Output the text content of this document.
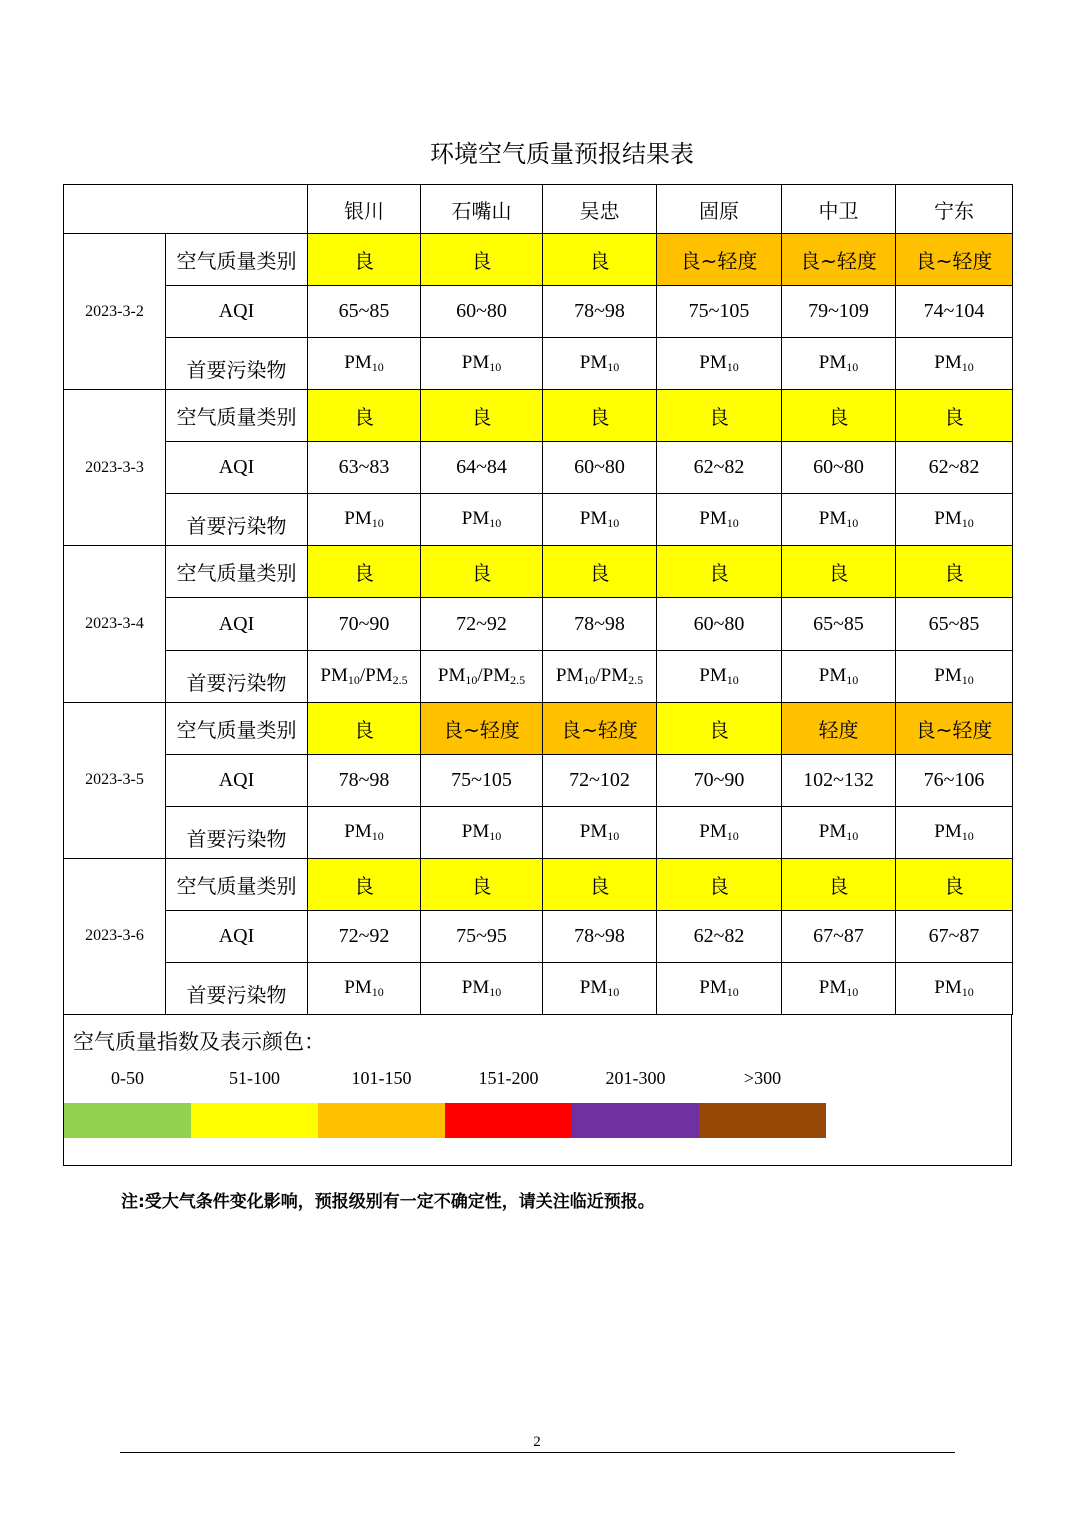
环境空气质量预报结果表
		银川	石嘴山	吴忠	固原	中卫	宁东
2023-3-2	空气质量类别	良	良	良	良~轻度	良~轻度	良~轻度
	AQI	65~85	60~80	78~98	75~105	79~109	74~104
	首要污染物	$PM_{10}$	$PM_{10}$	$PM_{10}$	$PM_{10}$	$PM_{10}$	$PM_{10}$
2023-3-3	空气质量类别	良	良	良	良	良	良
	AQI	63~83	64~84	60~80	62~82	60~80	62~82
	首要污染物	$PM_{10}$	$PM_{10}$	$PM_{10}$	$PM_{10}$	$PM_{10}$	$PM_{10}$
2023-3-4	空气质量类别	良	良	良	良	良	良
	AQI	70~90	72~92	78~98	60~80	65~85	65~85
	首要污染物	$PM_{10}/PM_{2.5}$	$PM_{10}/PM_{2.5}$	$PM_{10}/PM_{2.5}$	$PM_{10}$	$PM_{10}$	$PM_{10}$
2023-3-5	空气质量类别	良	良~轻度	良~轻度	良	轻度	良~轻度
	AQI	78~98	75~105	72~102	70~90	102~132	76~106
	首要污染物	$PM_{10}$	$PM_{10}$	$PM_{10}$	$PM_{10}$	$PM_{10}$	$PM_{10}$
2023-3-6	空气质量类别	良	良	良	良	良	良
	AQI	72~92	75~95	78~98	62~82	67~87	67~87
	首要污染物	$PM_{10}$	$PM_{10}$	$PM_{10}$	$PM_{10}$	$PM_{10}$	$PM_{10}$
空气质量指数及表示颜色：
0-50	51-100	101-150	151-200	201-300	>300
注:受大气条件变化影响，预报级别有一定不确定性，请关注临近预报。
2
